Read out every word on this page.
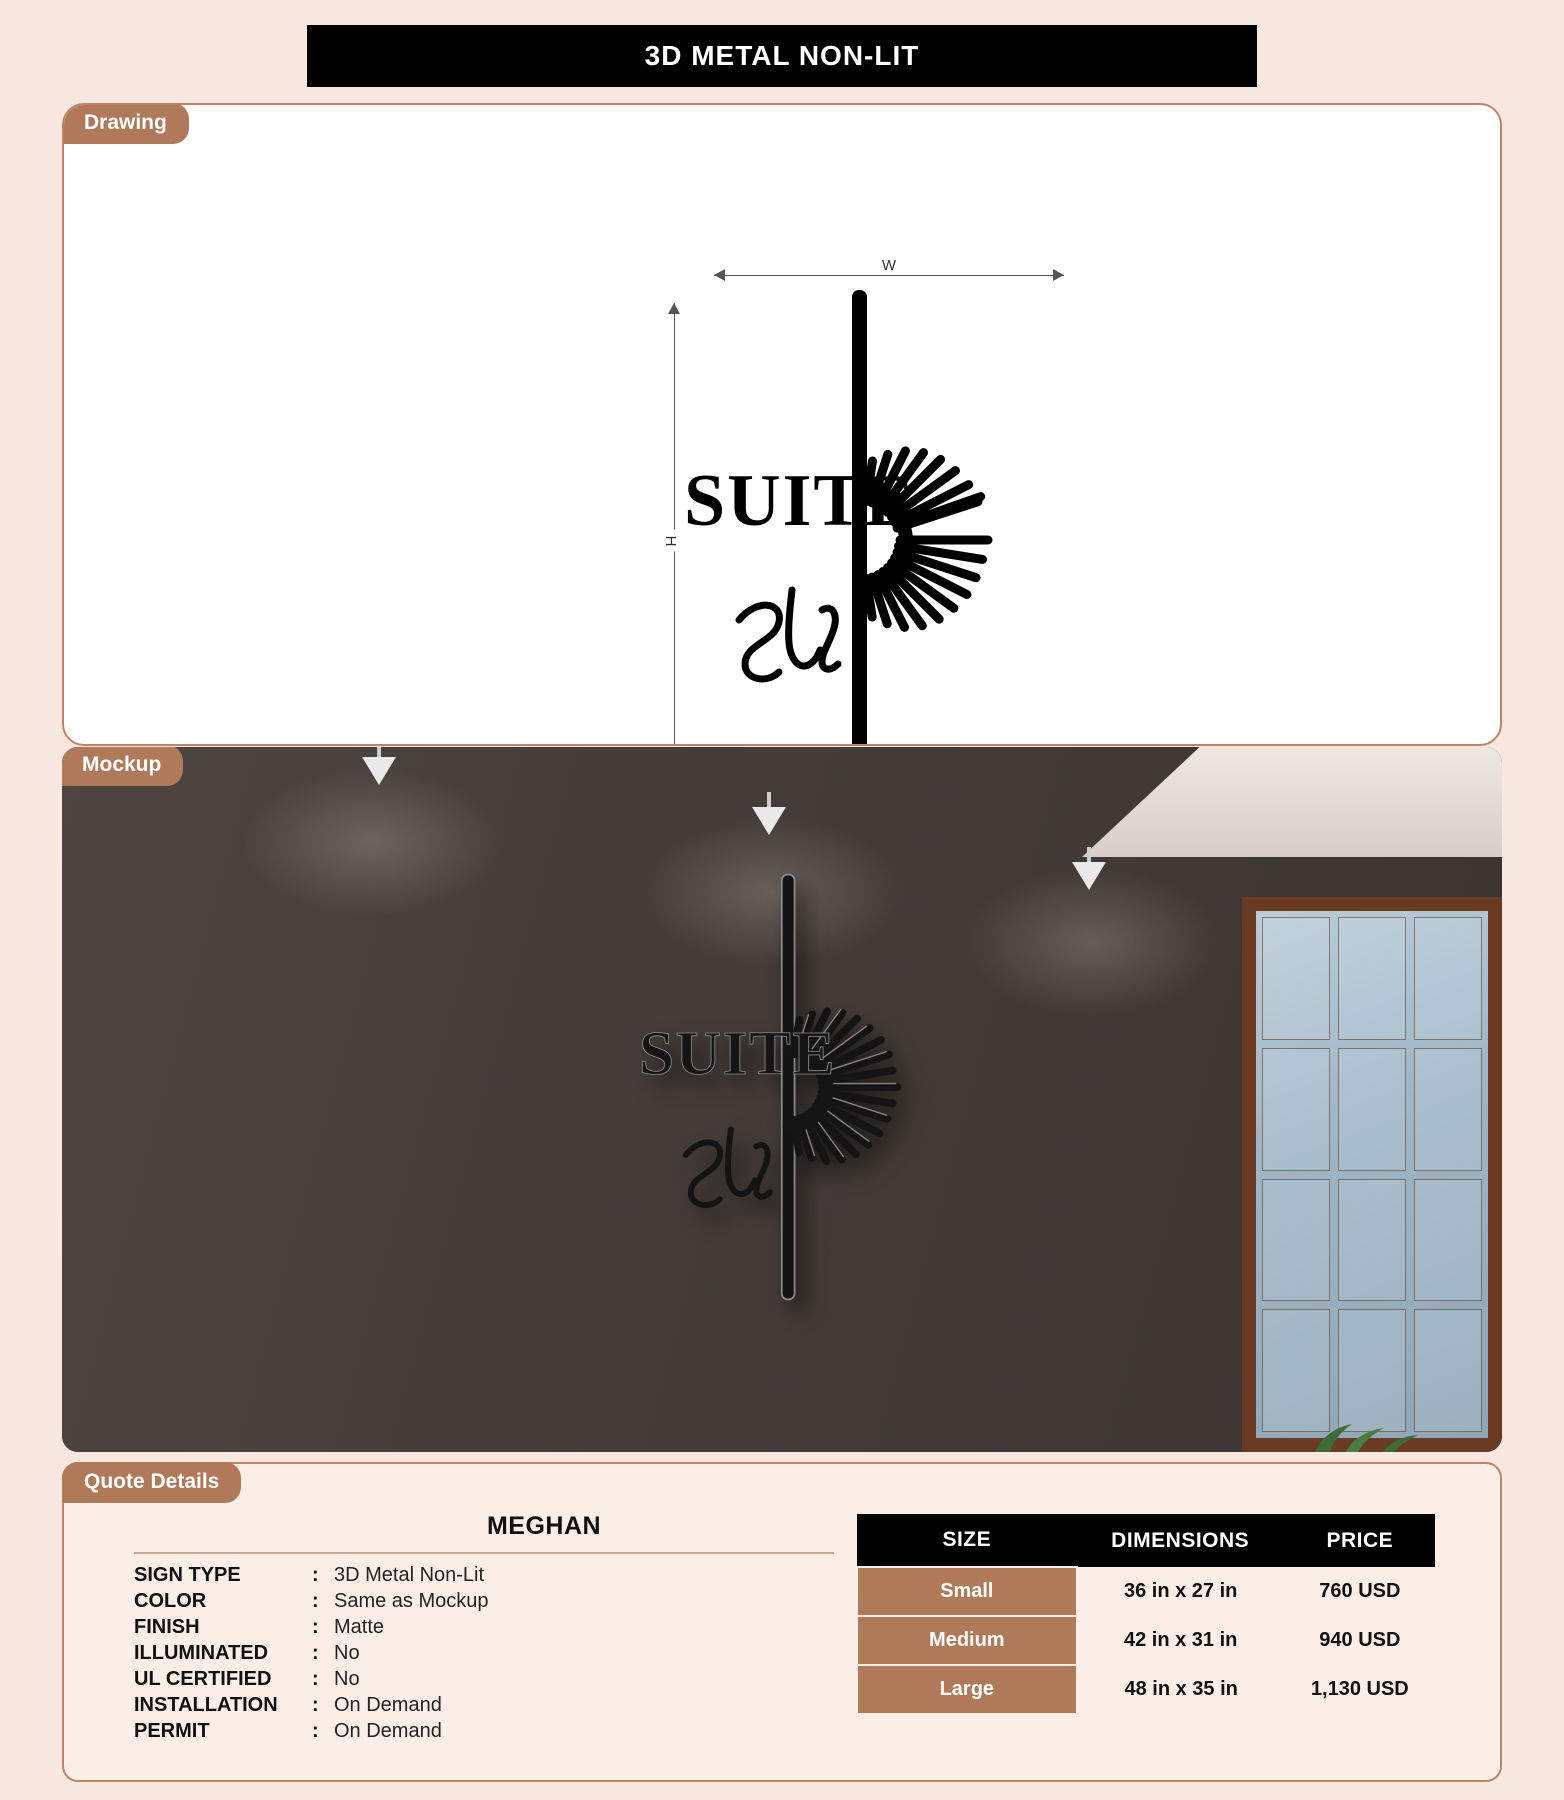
3D METAL NON-LIT
Drawing
W
H SUITE
Mockup
SUITE
Quote Details
MEGHAN
SIGN TYPE	: 3D Metal Non-Lit
COLOR	: Same as Mockup
FINISH	: Matte
ILLUMINATED	: No
UL CERTIFIED	: No
INSTALLATION	: On Demand
PERMIT	: On Demand
SIZE	DIMENSIONS	PRICE
Small	36 in x 27 in	760 USD
Medium	42 in x 31 in	940 USD
Large	48 in x 35 in	1,130 USD
